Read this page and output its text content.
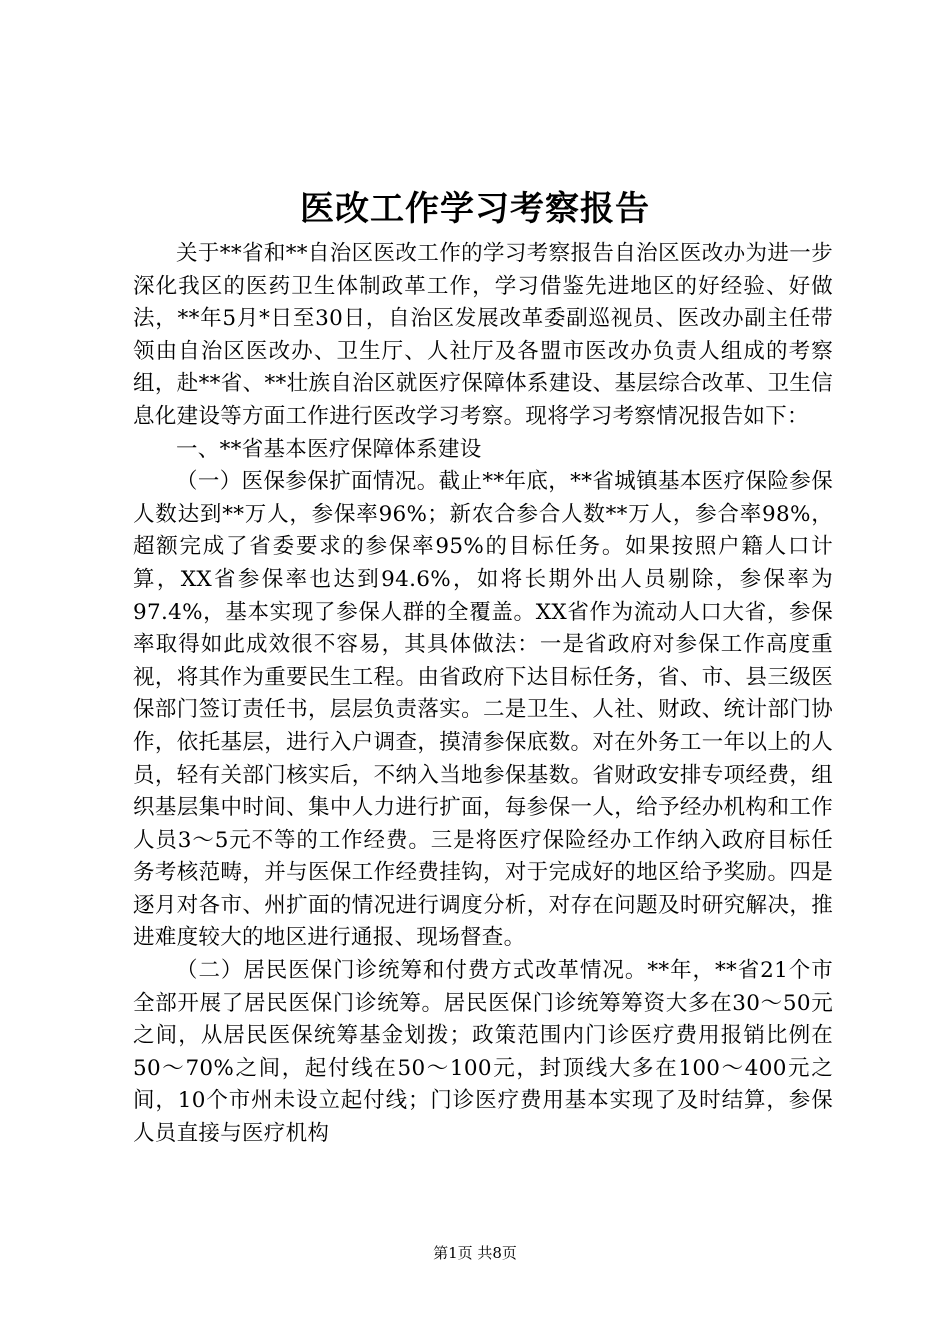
医改工作学习考察报告

关于**省和**自治区医改工作的学习考察报告自治区医改办为进一步深化我区的医药卫生体制政革工作，学习借鉴先进地区的好经验、好做法，**年5月*日至30日，自治区发展改革委副巡视员、医改办副主任带领由自治区医改办、卫生厅、人社厅及各盟市医改办负责人组成的考察组，赴**省、**壮族自治区就医疗保障体系建设、基层综合改革、卫生信息化建设等方面工作进行医改学习考察。现将学习考察情况报告如下：

一、**省基本医疗保障体系建设

（一）医保参保扩面情况。截止**年底，**省城镇基本医疗保险参保人数达到**万人，参保率96%；新农合参合人数**万人，参合率98%，超额完成了省委要求的参保率95%的目标任务。如果按照户籍人口计算，XX省参保率也达到94.6%，如将长期外出人员剔除，参保率为97.4%，基本实现了参保人群的全覆盖。XX省作为流动人口大省，参保率取得如此成效很不容易，其具体做法：一是省政府对参保工作高度重视，将其作为重要民生工程。由省政府下达目标任务，省、市、县三级医保部门签订责任书，层层负责落实。二是卫生、人社、财政、统计部门协作，依托基层，进行入户调查，摸清参保底数。对在外务工一年以上的人员，轻有关部门核实后，不纳入当地参保基数。省财政安排专项经费，组织基层集中时间、集中人力进行扩面，每参保一人，给予经办机构和工作人员3～5元不等的工作经费。三是将医疗保险经办工作纳入政府目标任务考核范畴，并与医保工作经费挂钩，对于完成好的地区给予奖励。四是逐月对各市、州扩面的情况进行调度分析，对存在问题及时研究解决，推进难度较大的地区进行通报、现场督查。

（二）居民医保门诊统筹和付费方式改革情况。**年，**省21个市全部开展了居民医保门诊统筹。居民医保门诊统筹筹资大多在30～50元之间，从居民医保统筹基金划拨；政策范围内门诊医疗费用报销比例在50～70%之间，起付线在50～100元，封顶线大多在100～400元之间，10个市州未设立起付线；门诊医疗费用基本实现了及时结算，参保人员直接与医疗机构

第1页 共8页
